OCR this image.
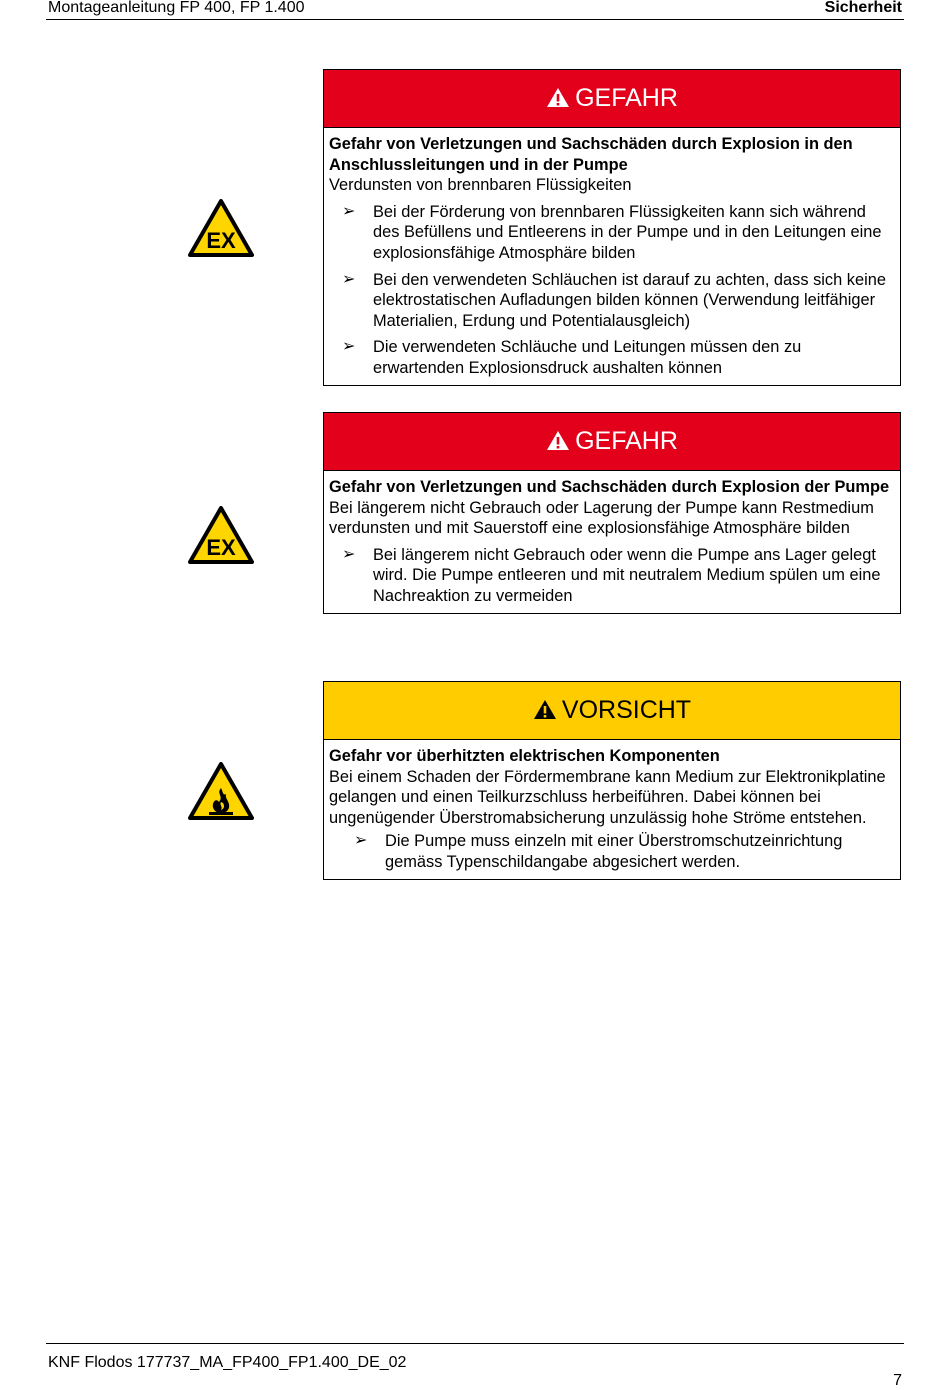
Montageanleitung FP 400, FP 1.400	Sicherheit
EX
GEFAHR

Gefahr von Verletzungen und Sachschäden durch Explosion in den Anschlussleitungen und in der Pumpe

Verdunsten von brennbaren Flüssigkeiten

➢ Bei der Förderung von brennbaren Flüssigkeiten kann sich während des Befüllens und Entleerens in der Pumpe und in den Leitungen eine explosionsfähige Atmosphäre bilden
➢ Bei den verwendeten Schläuchen ist darauf zu achten, dass sich keine elektrostatischen Aufladungen bilden können (Verwendung leitfähiger Materialien, Erdung und Potentialausgleich)
➢ Die verwendeten Schläuche und Leitungen müssen den zu erwartenden Explosionsdruck aushalten können
EX
GEFAHR

Gefahr von Verletzungen und Sachschäden durch Explosion der Pumpe

Bei längerem nicht Gebrauch oder Lagerung der Pumpe kann Restmedium verdunsten und mit Sauerstoff eine explosionsfähige Atmosphäre bilden

➢ Bei längerem nicht Gebrauch oder wenn die Pumpe ans Lager gelegt wird. Die Pumpe entleeren und mit neutralem Medium spülen um eine Nachreaktion zu vermeiden
VORSICHT

Gefahr vor überhitzten elektrischen Komponenten

Bei einem Schaden der Fördermembrane kann Medium zur Elektronikplatine gelangen und einen Teilkurzschluss herbeiführen. Dabei können bei ungenügender Überstromabsicherung unzulässig hohe Ströme entstehen.

➢ Die Pumpe muss einzeln mit einer Überstromschutzeinrichtung gemäss Typenschildangabe abgesichert werden.
KNF Flodos 177737_MA_FP400_FP1.400_DE_02
7
